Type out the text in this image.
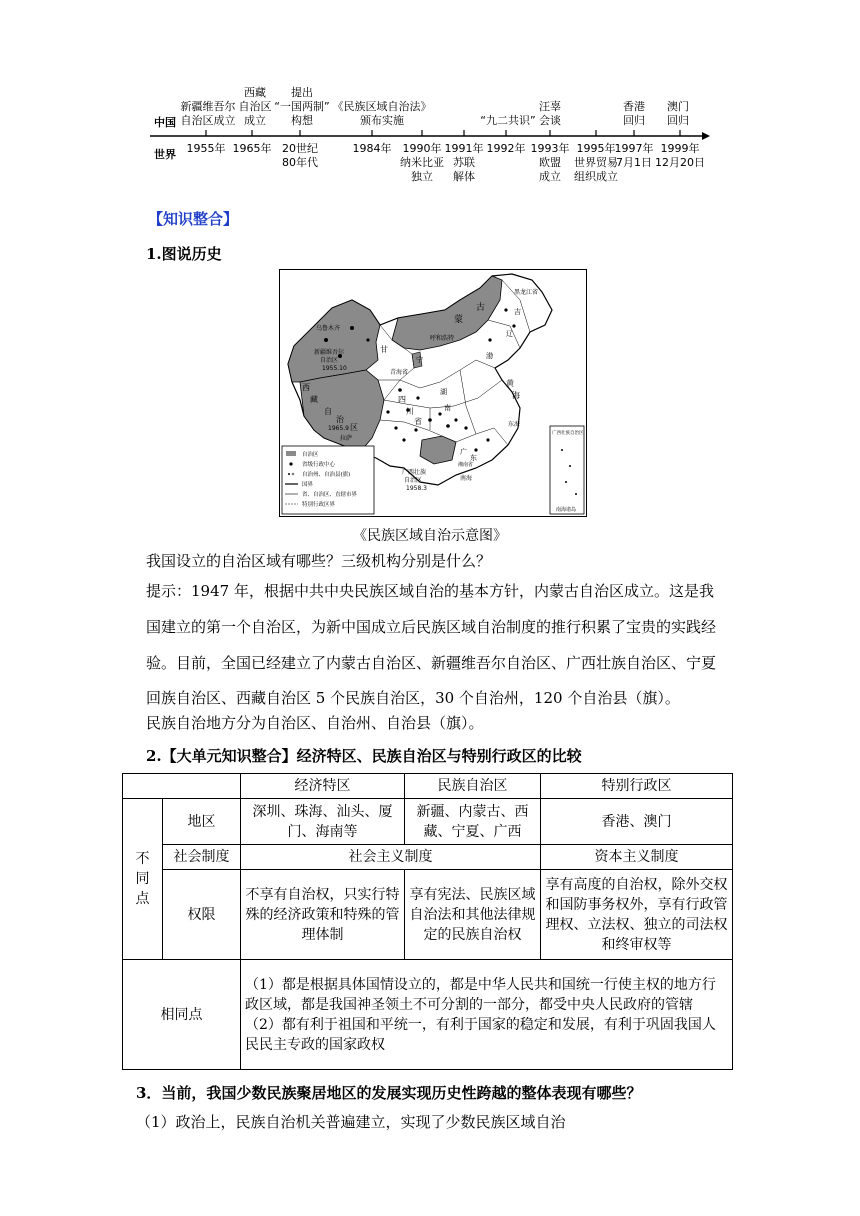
中国
世界
新疆维吾尔
自治区成立
西藏
自治区
成立
提出
“一国两制”
构想
《民族区域自治法》
颁布实施	“九二共识”
汪辜
会谈
香港
回归
澳门
回归
1955年 1965年 20世纪
80年代
1984年	1990年
纳米比亚
独立
1991年
苏联
解体
1992年 1993年
欧盟
成立
1995年
世界贸易
组织成立
1997年
7月1日
1999年
12月20日
【知识整合】
1.图说历史
乌鲁木齐
新疆维吾尔
自治区
1955.10
西
藏
自
治
区
1965.9
拉萨
甘
青海省
宁
呼和浩特
蒙
古
黑龙江省
吉
辽
渤
黄
海
四
川
省
湖
南
广
东
东海
南海
广西壮族
自治区
1958.3
湘南省
广西壮族自治区
南海诸岛
自治区
省级行政中心
自治州、自治县(旗)
国界
省、自治区、直辖市界
特别行政区界
《民族区域自治示意图》
我国设立的自治区域有哪些？三级机构分别是什么？
提示：1947 年，根据中共中央民族区域自治的基本方针，内蒙古自治区成立。这是我
国建立的第一个自治区，为新中国成立后民族区域自治制度的推行积累了宝贵的实践经
验。目前，全国已经建立了内蒙古自治区、新疆维吾尔自治区、广西壮族自治区、宁夏
回族自治区、西藏自治区 5 个民族自治区，30 个自治州，120 个自治县（旗）。
民族自治地方分为自治区、自治州、自治县（旗）。
2.【大单元知识整合】经济特区、民族自治区与特别行政区的比较
		经济特区	民族自治区	特别行政区
不
同
点	地区	深圳、珠海、汕头、厦门、海南等	新疆、内蒙古、西藏、宁夏、广西	香港、澳门
	社会制度	社会主义制度		资本主义制度
	权限	不享有自治权，只实行特殊的经济政策和特殊的管理体制	享有宪法、民族区域自治法和其他法律规定的民族自治权	享有高度的自治权，除外交权和国防事务权外，享有行政管理权、立法权、独立的司法权和终审权等
相同点		（1）都是根据具体国情设立的，都是中华人民共和国统一行使主权的地方行政区域，都是我国神圣领土不可分割的一部分，都受中央人民政府的管辖
（2）都有利于祖国和平统一，有利于国家的稳定和发展，有利于巩固我国人民民主专政的国家政权		
3．当前，我国少数民族聚居地区的发展实现历史性跨越的整体表现有哪些？
（1）政治上，民族自治机关普遍建立，实现了少数民族区域自治
